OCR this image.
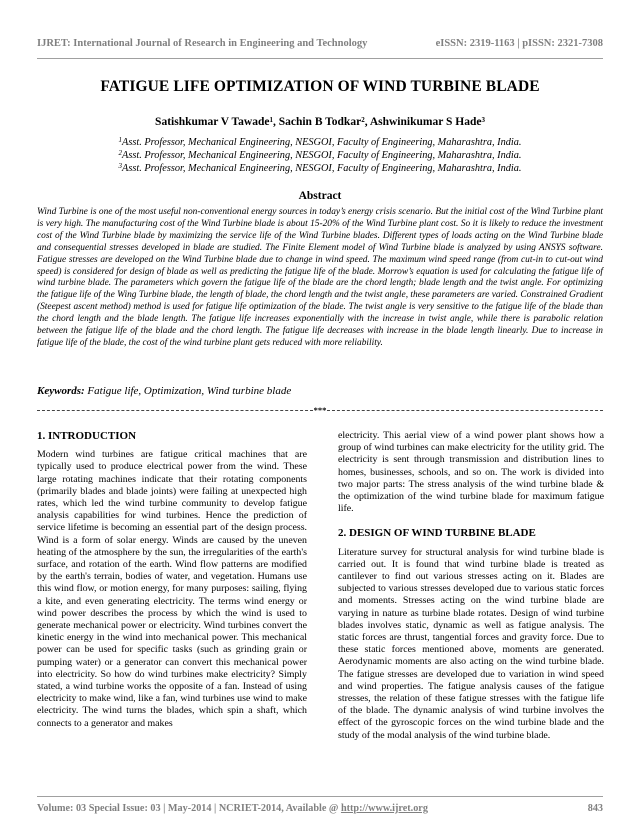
IJRET: International Journal of Research in Engineering and Technology	eISSN: 2319-1163 | pISSN: 2321-7308
FATIGUE LIFE OPTIMIZATION OF WIND TURBINE BLADE
Satishkumar V Tawade$^1$, Sachin B Todkar$^2$, Ashwinikumar S Hade$^3$
$^1$Asst. Professor, Mechanical Engineering, NESGOI, Faculty of Engineering, Maharashtra, India.
$^2$Asst. Professor, Mechanical Engineering, NESGOI, Faculty of Engineering, Maharashtra, India.
$^3$Asst. Professor, Mechanical Engineering, NESGOI, Faculty of Engineering, Maharashtra, India.
Abstract
Wind Turbine is one of the most useful non-conventional energy sources in today’s energy crisis scenario. But the initial cost of the Wind Turbine plant is very high. The manufacturing cost of the Wind Turbine blade is about 15-20% of the Wind Turbine plant cost. So it is likely to reduce the investment cost of the Wind Turbine blade by maximizing the service life of the Wind Turbine blades. Different types of loads acting on the Wind Turbine blade and consequential stresses developed in blade are studied. The Finite Element model of Wind Turbine blade is analyzed by using ANSYS software. Fatigue stresses are developed on the Wind Turbine blade due to change in wind speed. The maximum wind speed range (from cut-in to cut-out wind speed) is considered for design of blade as well as predicting the fatigue life of the blade. Morrow’s equation is used for calculating the fatigue life of wind turbine blade. The parameters which govern the fatigue life of the blade are the chord length; blade length and the twist angle. For optimizing the fatigue life of the Wing Turbine blade, the length of blade, the chord length and the twist angle, these parameters are varied. Constrained Gradient (Steepest ascent method) method is used for fatigue life optimization of the blade. The twist angle is very sensitive to the fatigue life of the blade than the chord length and the blade length. The fatigue life increases exponentially with the increase in twist angle, while there is parabolic relation between the fatigue life of the blade and the chord length. The fatigue life decreases with increase in the blade length linearly. Due to increase in fatigue life of the blade, the cost of the wind turbine plant gets reduced with more reliability.
Keywords: Fatigue life, Optimization, Wind turbine blade
***
1. INTRODUCTION

Modern wind turbines are fatigue critical machines that are typically used to produce electrical power from the wind. These large rotating machines indicate that their rotating components (primarily blades and blade joints) were failing at unexpected high rates, which led the wind turbine community to develop fatigue analysis capabilities for wind turbines. Hence the prediction of service lifetime is becoming an essential part of the design process. Wind is a form of solar energy. Winds are caused by the uneven heating of the atmosphere by the sun, the irregularities of the earth's surface, and rotation of the earth. Wind flow patterns are modified by the earth's terrain, bodies of water, and vegetation. Humans use this wind flow, or motion energy, for many purposes: sailing, flying a kite, and even generating electricity. The terms wind energy or wind power describes the process by which the wind is used to generate mechanical power or electricity. Wind turbines convert the kinetic energy in the wind into mechanical power. This mechanical power can be used for specific tasks (such as grinding grain or pumping water) or a generator can convert this mechanical power into electricity. So how do wind turbines make electricity? Simply stated, a wind turbine works the opposite of a fan. Instead of using electricity to make wind, like a fan, wind turbines use wind to make electricity. The wind turns the blades, which spin a shaft, which connects to a generator and makes

electricity. This aerial view of a wind power plant shows how a group of wind turbines can make electricity for the utility grid. The electricity is sent through transmission and distribution lines to homes, businesses, schools, and so on. The work is divided into two major parts: The stress analysis of the wind turbine blade & the optimization of the wind turbine blade for maximum fatigue life.

2. DESIGN OF WIND TURBINE BLADE

Literature survey for structural analysis for wind turbine blade is carried out. It is found that wind turbine blade is treated as cantilever to find out various stresses acting on it. Blades are subjected to various stresses developed due to various static forces and moments. Stresses acting on the wind turbine blade are varying in nature as turbine blade rotates. Design of wind turbine blades involves static, dynamic as well as fatigue analysis. The static forces are thrust, tangential forces and gravity force. Due to these static forces mentioned above, moments are generated. Aerodynamic moments are also acting on the wind turbine blade. The fatigue stresses are developed due to variation in wind speed and wind properties. The fatigue analysis causes of the fatigue stresses, the relation of these fatigue stresses with the fatigue life of the blade. The dynamic analysis of wind turbine involves the effect of the gyroscopic forces on the wind turbine blade and the study of the modal analysis of the wind turbine blade.

Volume: 03 Special Issue: 03 | May-2014 | NCRIET-2014, Available @ http://www.ijret.org	843
